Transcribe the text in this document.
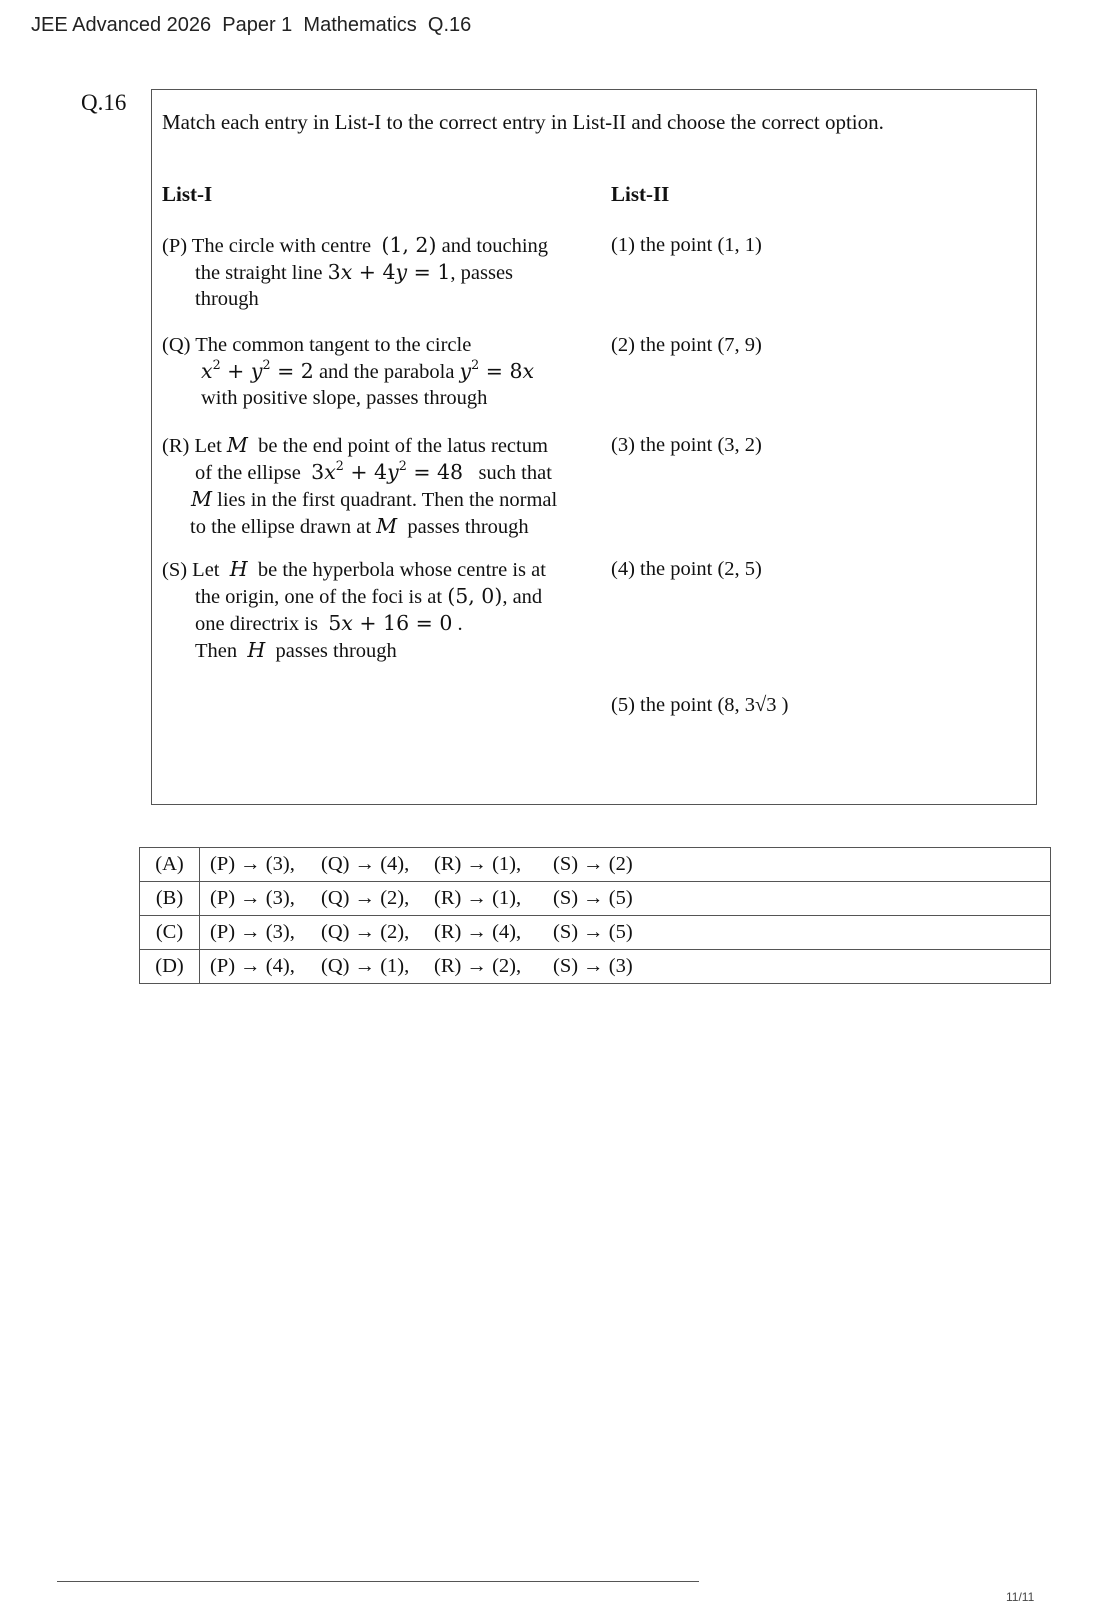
JEE Advanced 2026  Paper 1  Mathematics  Q.16
Q.16
Match each entry in List-I to the correct entry in List-II and choose the correct option.
List-I	List-II
(P) The circle with centre  (1, 2) and touching
the straight line 3x + 4y = 1, passes
through
(Q) The common tangent to the circle
$x^2 + y^2 = 2$ and the parabola $y^2 = 8x$
with positive slope, passes through
(R) Let M  be the end point of the latus rectum
of the ellipse  $3x^2 + 4y^2 = 48$   such that
M lies in the first quadrant. Then the normal
to the ellipse drawn at M  passes through
(S) Let  H  be the hyperbola whose centre is at
the origin, one of the foci is at (5, 0), and
one directrix is  5x + 16 = 0 .
Then  H  passes through
(1) the point (1, 1)
(2) the point (7, 9)
(3) the point (3, 2)
(4) the point (2, 5)
(5) the point (8, 3√3 )
(A)	(P) → (3), (Q) → (4), (R) → (1), (S) → (2)
(B)	(P) → (3), (Q) → (2), (R) → (1), (S) → (5)
(C)	(P) → (3), (Q) → (2), (R) → (4), (S) → (5)
(D)	(P) → (4), (Q) → (1), (R) → (2), (S) → (3)
11/11
